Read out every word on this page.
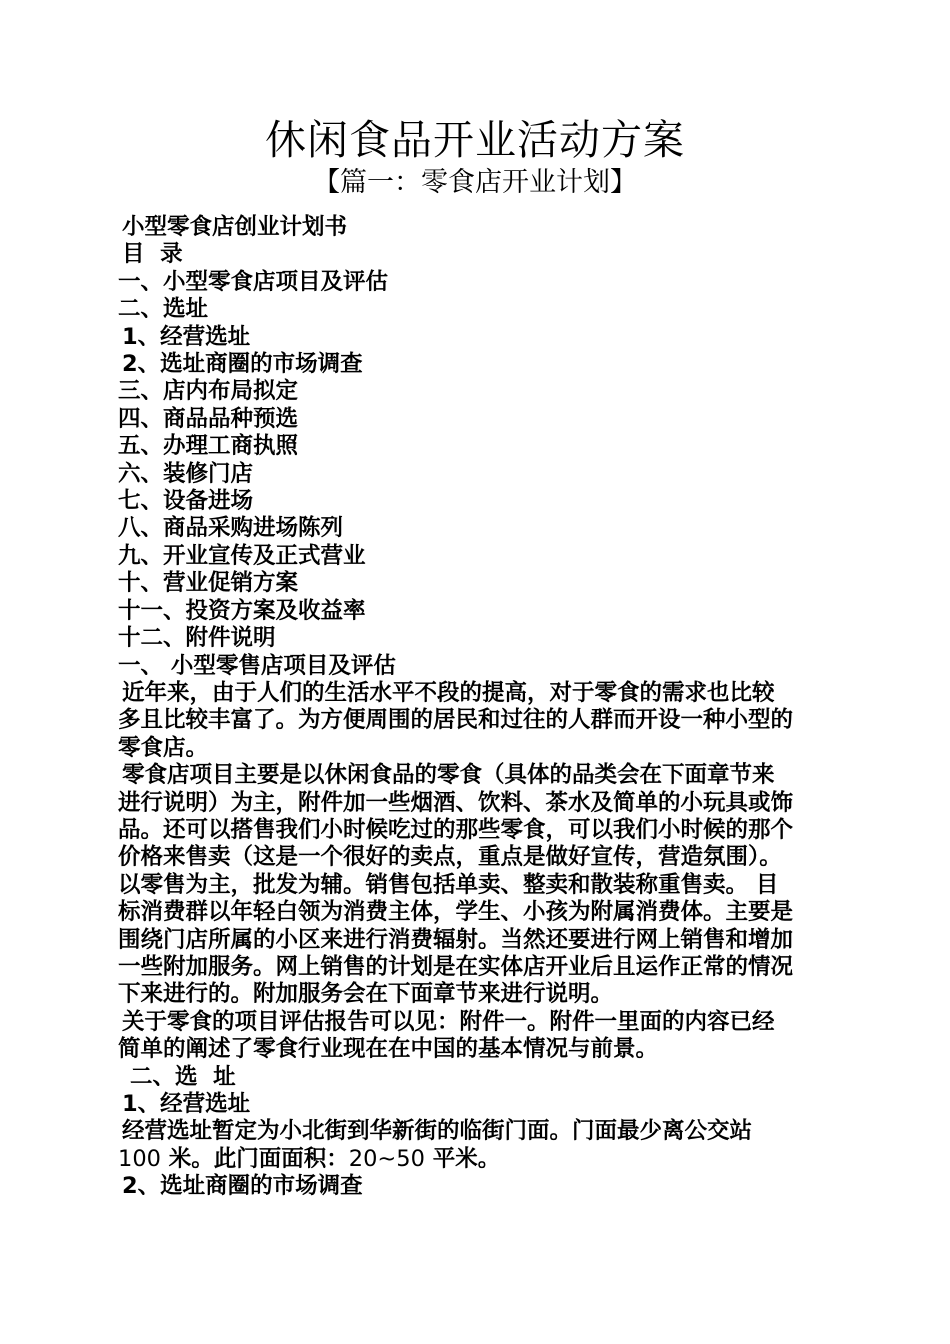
休闲食品开业活动方案
【篇一：零食店开业计划】

小型零食店创业计划书

目  录

一、小型零食店项目及评估

二、选址

1、经营选址

2、选址商圈的市场调查

三、店内布局拟定

四、商品品种预选

五、办理工商执照

六、装修门店

七、设备进场

八、商品采购进场陈列

九、开业宣传及正式营业

十、营业促销方案

十一、投资方案及收益率

十二、附件说明

一、 小型零售店项目及评估

近年来，由于人们的生活水平不段的提高，对于零食的需求也比较

多且比较丰富了。为方便周围的居民和过往的人群而开设一种小型的

零食店。

零食店项目主要是以休闲食品的零食（具体的品类会在下面章节来

进行说明）为主，附件加一些烟酒、饮料、茶水及简单的小玩具或饰

品。还可以搭售我们小时候吃过的那些零食，可以我们小时候的那个

价格来售卖（这是一个很好的卖点，重点是做好宣传，营造氛围）。

以零售为主，批发为辅。销售包括单卖、整卖和散装称重售卖。 目

标消费群以年轻白领为消费主体，学生、小孩为附属消费体。主要是

围绕门店所属的小区来进行消费辐射。当然还要进行网上销售和增加

一些附加服务。网上销售的计划是在实体店开业后且运作正常的情况

下来进行的。附加服务会在下面章节来进行说明。

关于零食的项目评估报告可以见：附件一。附件一里面的内容已经

简单的阐述了零食行业现在在中国的基本情况与前景。

二、选  址

1、经营选址

经营选址暂定为小北街到华新街的临街门面。门面最少离公交站

100 米。此门面面积：20~50 平米。

2、选址商圈的市场调查
